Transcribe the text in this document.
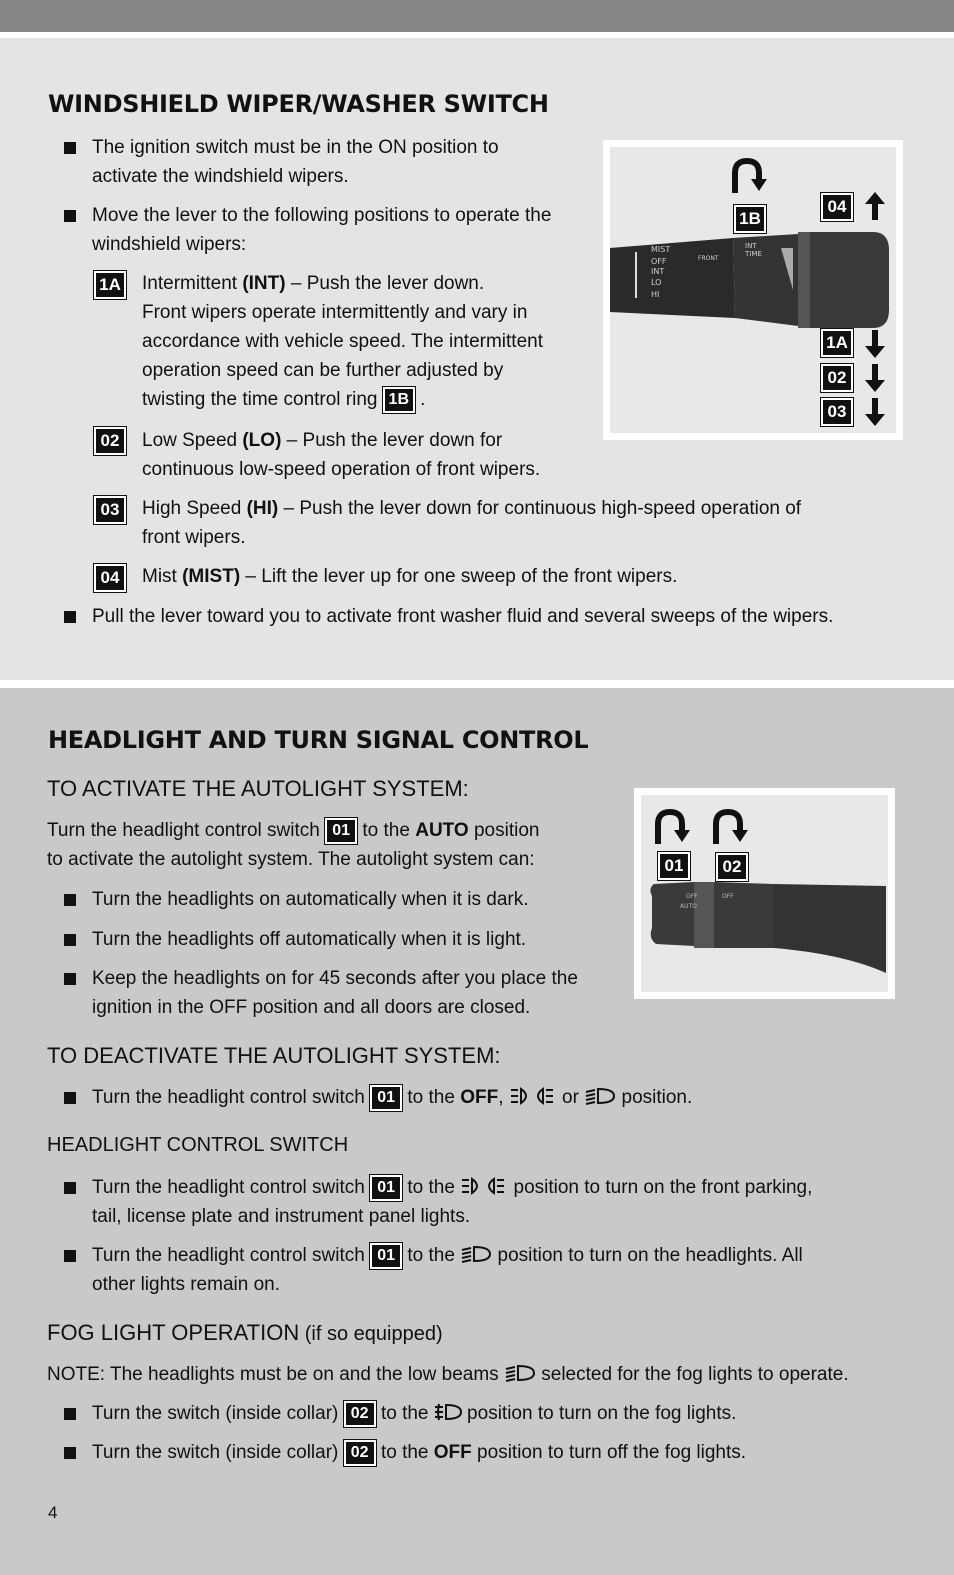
WINDSHIELD WIPER/WASHER SWITCH
The ignition switch must be in the ON position to activate the windshield wipers.
Move the lever to the following positions to operate the windshield wipers:
1A Intermittent (INT) – Push the lever down.
Front wipers operate intermittently and vary in
accordance with vehicle speed. The intermittent
operation speed can be further adjusted by
twisting the time control ring 1B .
02	Low Speed (LO) – Push the lever down for
continuous low-speed operation of front wipers.
03	High Speed (HI) – Push the lever down for continuous high-speed operation of
front wipers.
04	Mist (MIST) – Lift the lever up for one sweep of the front wipers.
Pull the lever toward you to activate front washer fluid and several sweeps of the wipers.
MIST
OFF
INT
LO
HI
FRONT
INT
TIME
1B
04
1A
02
03
HEADLIGHT AND TURN SIGNAL CONTROL
TO ACTIVATE THE AUTOLIGHT SYSTEM:
Turn the headlight control switch 01 to the AUTO position
to activate the autolight system. The autolight system can:
Turn the headlights on automatically when it is dark.
Turn the headlights off automatically when it is light.
Keep the headlights on for 45 seconds after you place the
ignition in the OFF position and all doors are closed.
OFF
AUTO
OFF
01	02
TO DEACTIVATE THE AUTOLIGHT SYSTEM:
Turn the headlight control switch 01 to the OFF,	or  position.
HEADLIGHT CONTROL SWITCH
Turn the headlight control switch 01 to the	position to turn on the front parking,
tail, license plate and instrument panel lights.
Turn the headlight control switch 01 to the  position to turn on the headlights. All
other lights remain on.
FOG LIGHT OPERATION (if so equipped)
NOTE: The headlights must be on and the low beams  selected for the fog lights to operate.
Turn the switch (inside collar) 02 to the  position to turn on the fog lights.
Turn the switch (inside collar) 02 to the OFF position to turn off the fog lights.
4
